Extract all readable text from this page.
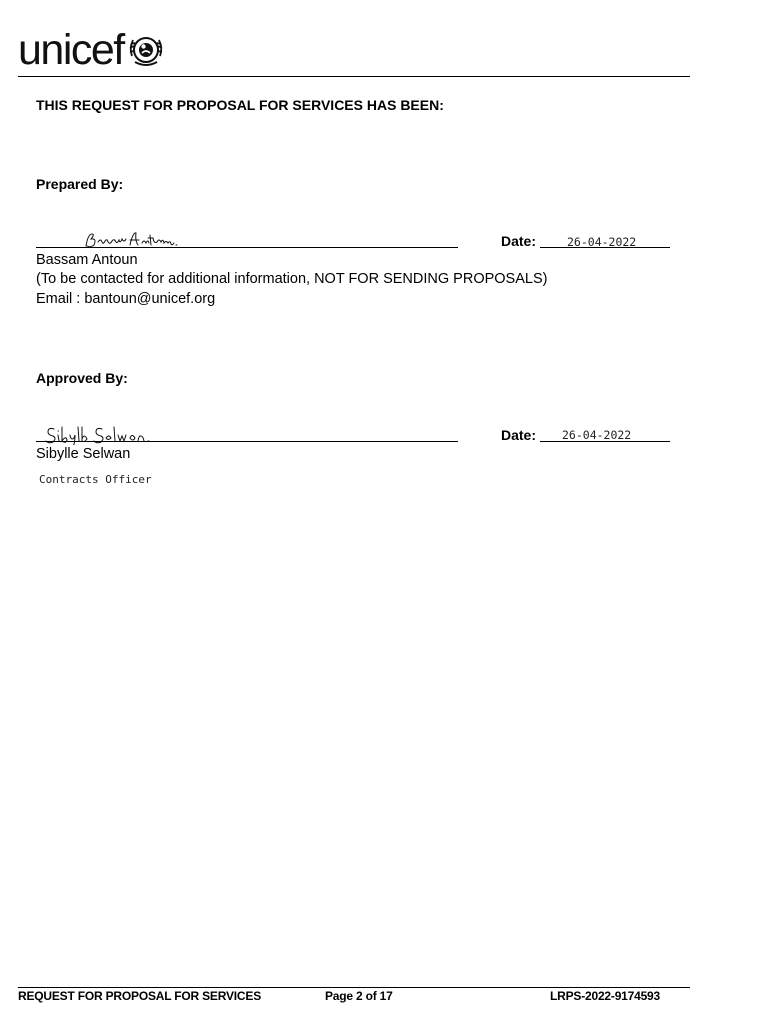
unicef
THIS REQUEST FOR PROPOSAL FOR SERVICES HAS BEEN:
Prepared By:
Date:	26-04-2022
Bassam Antoun
(To be contacted for additional information, NOT FOR SENDING PROPOSALS)
Email : bantoun@unicef.org
Approved By:
Date: 26-04-2022
Sibylle Selwan
Contracts Officer
REQUEST FOR PROPOSAL FOR SERVICES	Page 2 of 17	LRPS-2022-9174593
